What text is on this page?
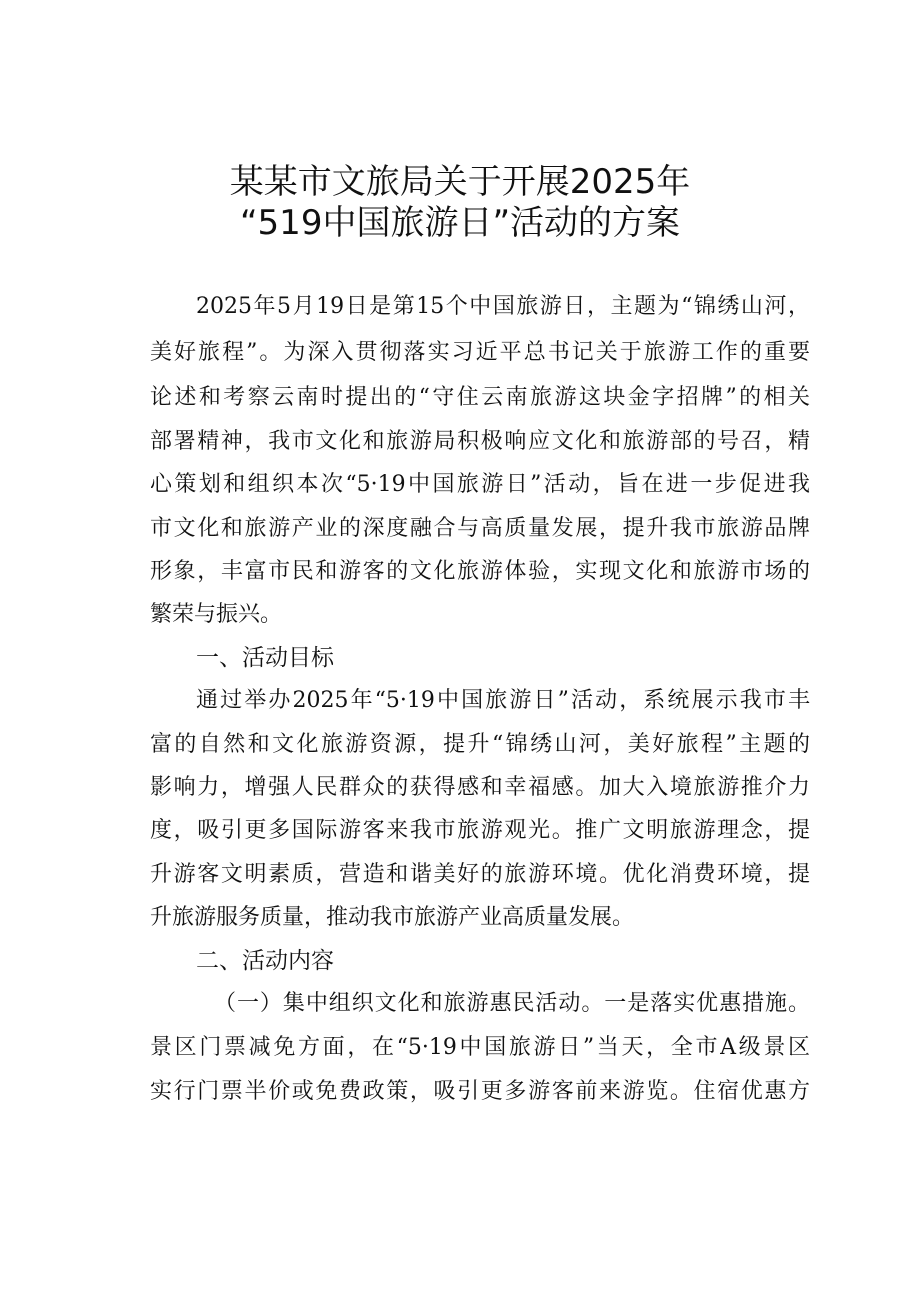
某某市文旅局关于开展2025年
“519中国旅游日”活动的方案
2025年5月19日是第15个中国旅游日，主题为“锦绣山河，
美好旅程”。为深入贯彻落实习近平总书记关于旅游工作的重要
论述和考察云南时提出的“守住云南旅游这块金字招牌”的相关
部署精神，我市文化和旅游局积极响应文化和旅游部的号召，精
心策划和组织本次“5·19中国旅游日”活动，旨在进一步促进我
市文化和旅游产业的深度融合与高质量发展，提升我市旅游品牌
形象，丰富市民和游客的文化旅游体验，实现文化和旅游市场的
繁荣与振兴。
一、活动目标
通过举办2025年“5·19中国旅游日”活动，系统展示我市丰
富的自然和文化旅游资源，提升“锦绣山河，美好旅程”主题的
影响力，增强人民群众的获得感和幸福感。加大入境旅游推介力
度，吸引更多国际游客来我市旅游观光。推广文明旅游理念，提
升游客文明素质，营造和谐美好的旅游环境。优化消费环境，提
升旅游服务质量，推动我市旅游产业高质量发展。
二、活动内容
（一）集中组织文化和旅游惠民活动。一是落实优惠措施。
景区门票减免方面，在“5·19中国旅游日”当天，全市A级景区
实行门票半价或免费政策，吸引更多游客前来游览。住宿优惠方
